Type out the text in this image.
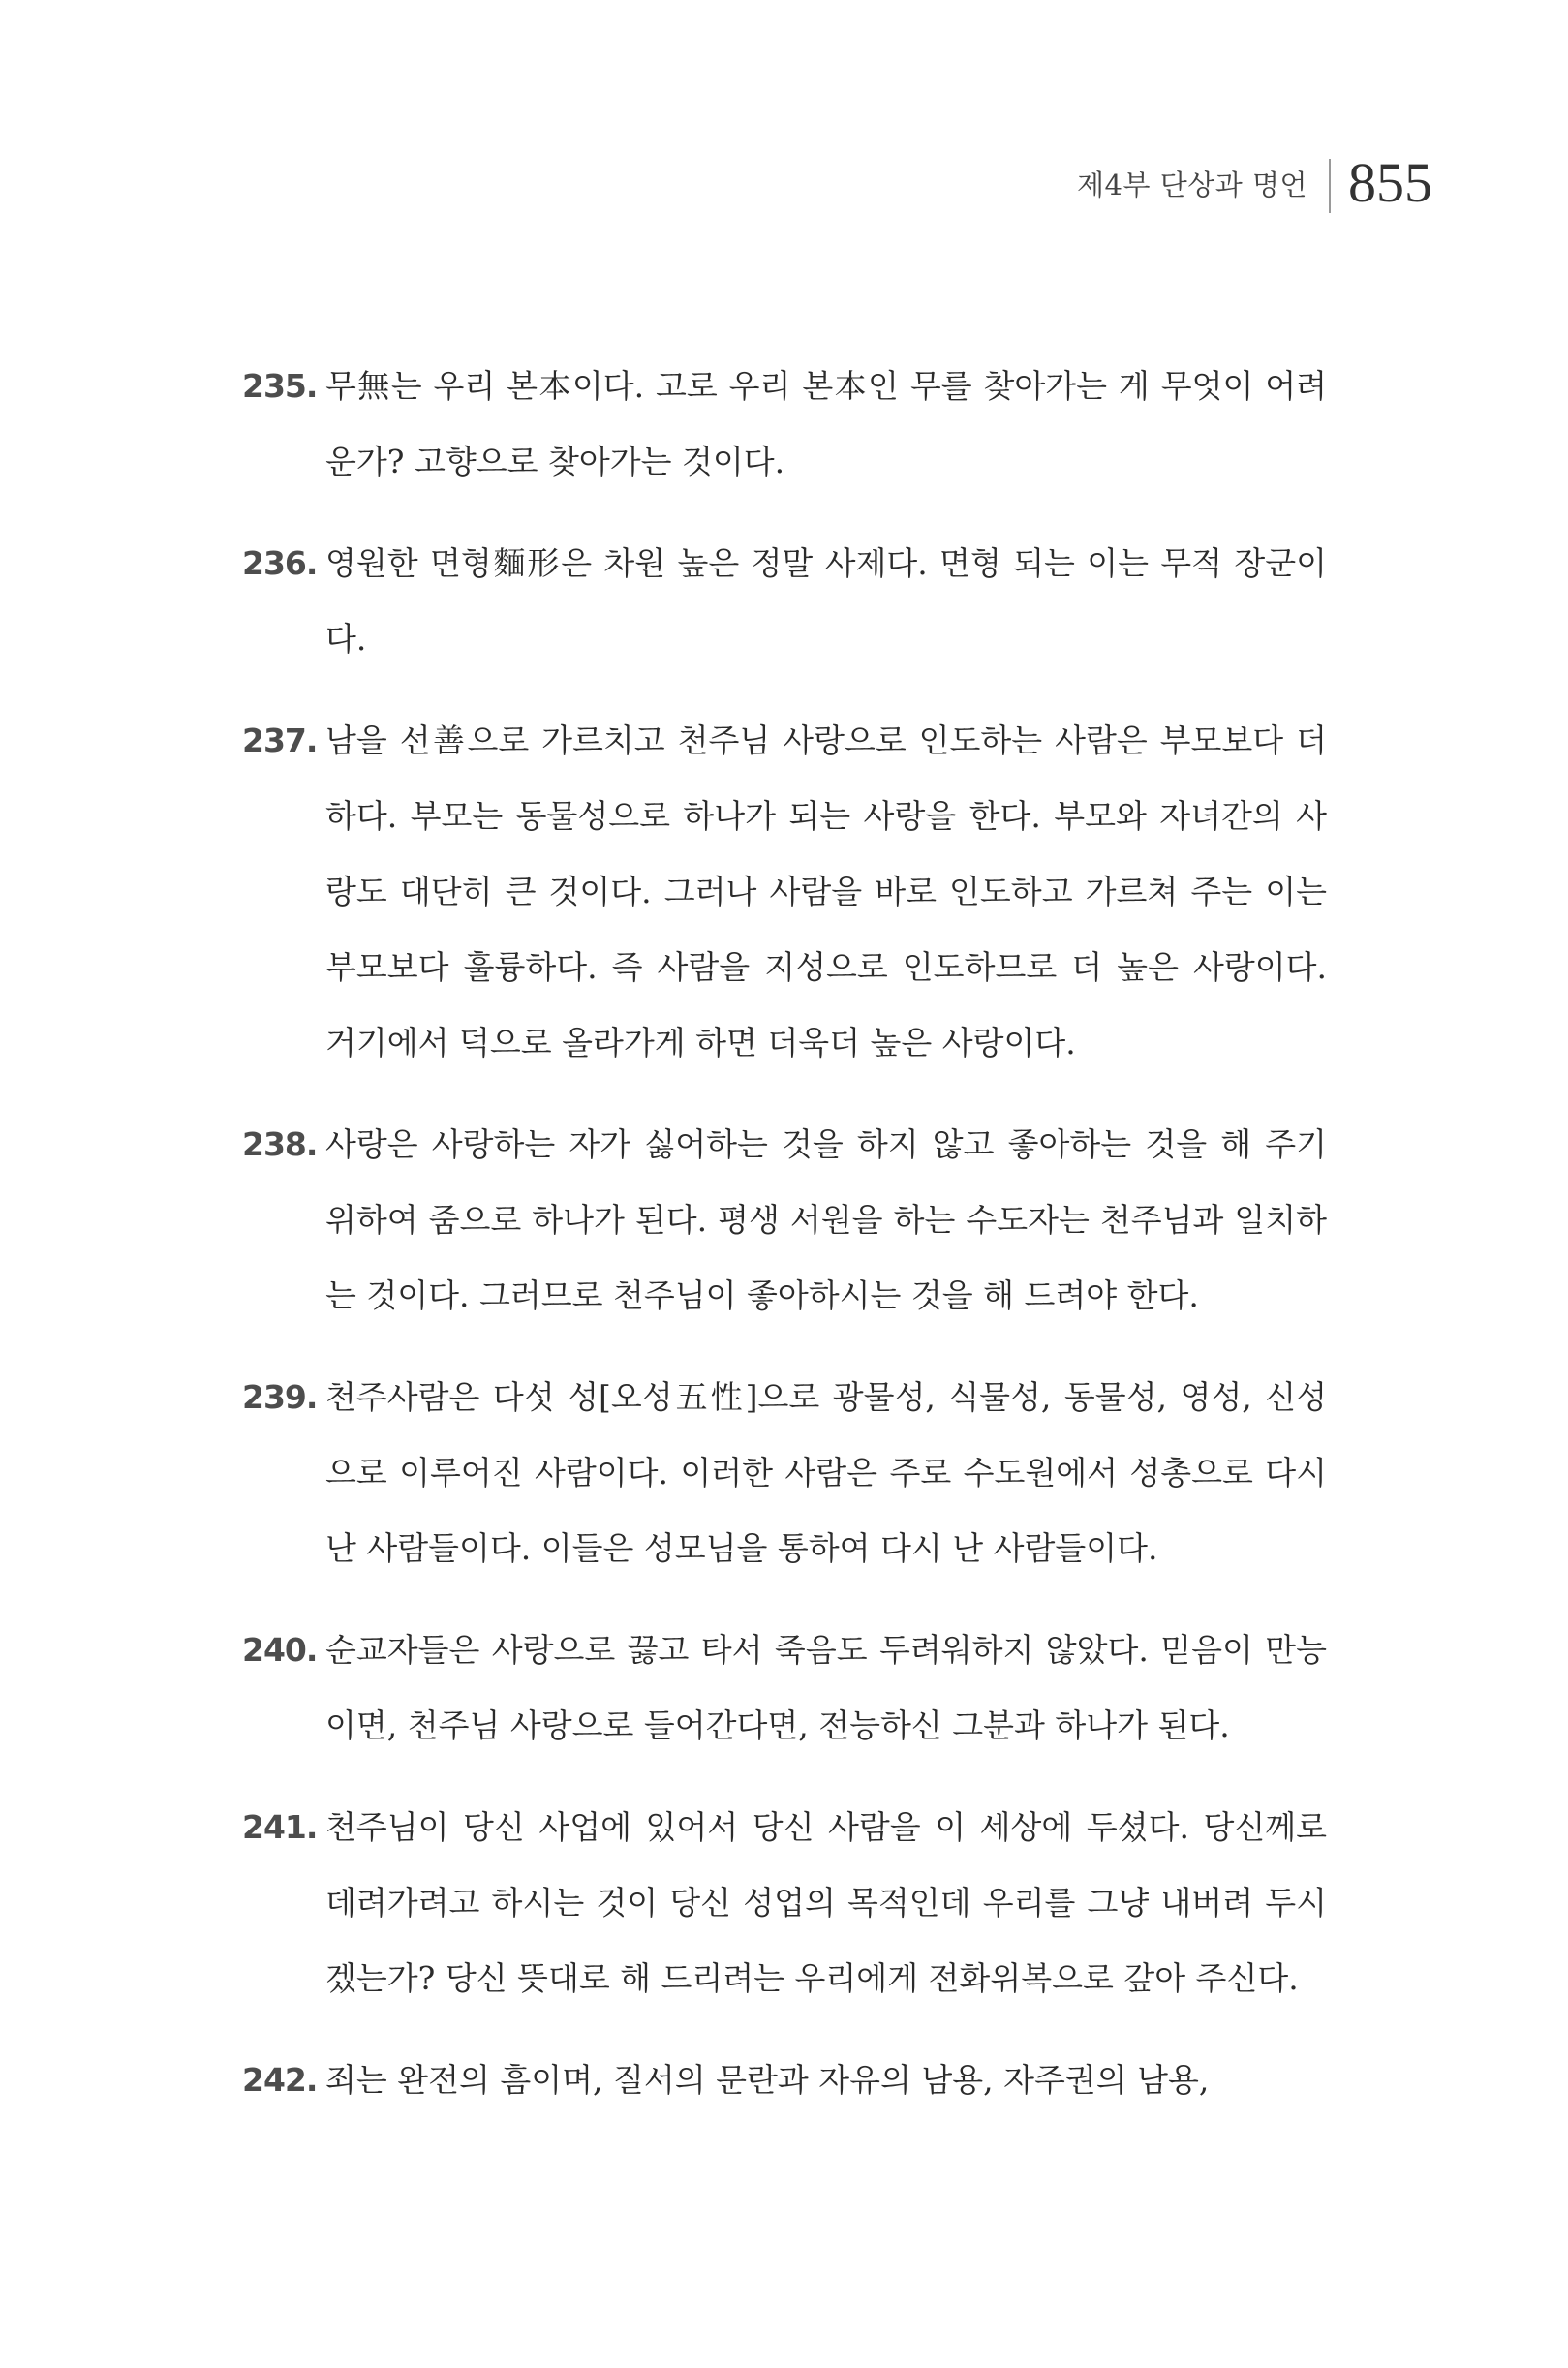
제4부 단상과 명언 855
235. 무無는 우리 본本이다. 고로 우리 본本인 무를 찾아가는 게 무엇이 어려운가? 고향으로 찾아가는 것이다.
236. 영원한 면형麵形은 차원 높은 정말 사제다. 면형 되는 이는 무적 장군이다.
237. 남을 선善으로 가르치고 천주님 사랑으로 인도하는 사람은 부모보다 더하다. 부모는 동물성으로 하나가 되는 사랑을 한다. 부모와 자녀간의 사랑도 대단히 큰 것이다. 그러나 사람을 바로 인도하고 가르쳐 주는 이는 부모보다 훌륭하다. 즉 사람을 지성으로 인도하므로 더 높은 사랑이다. 거기에서 덕으로 올라가게 하면 더욱더 높은 사랑이다.
238. 사랑은 사랑하는 자가 싫어하는 것을 하지 않고 좋아하는 것을 해 주기 위하여 줌으로 하나가 된다. 평생 서원을 하는 수도자는 천주님과 일치하는 것이다. 그러므로 천주님이 좋아하시는 것을 해 드려야 한다.
239. 천주사람은 다섯 성[오성五性]으로 광물성, 식물성, 동물성, 영성, 신성으로 이루어진 사람이다. 이러한 사람은 주로 수도원에서 성총으로 다시 난 사람들이다. 이들은 성모님을 통하여 다시 난 사람들이다.
240. 순교자들은 사랑으로 끓고 타서 죽음도 두려워하지 않았다. 믿음이 만능이면, 천주님 사랑으로 들어간다면, 전능하신 그분과 하나가 된다.
241. 천주님이 당신 사업에 있어서 당신 사람을 이 세상에 두셨다. 당신께로 데려가려고 하시는 것이 당신 성업의 목적인데 우리를 그냥 내버려 두시겠는가? 당신 뜻대로 해 드리려는 우리에게 전화위복으로 갚아 주신다.
242. 죄는 완전의 흠이며, 질서의 문란과 자유의 남용, 자주권의 남용,
